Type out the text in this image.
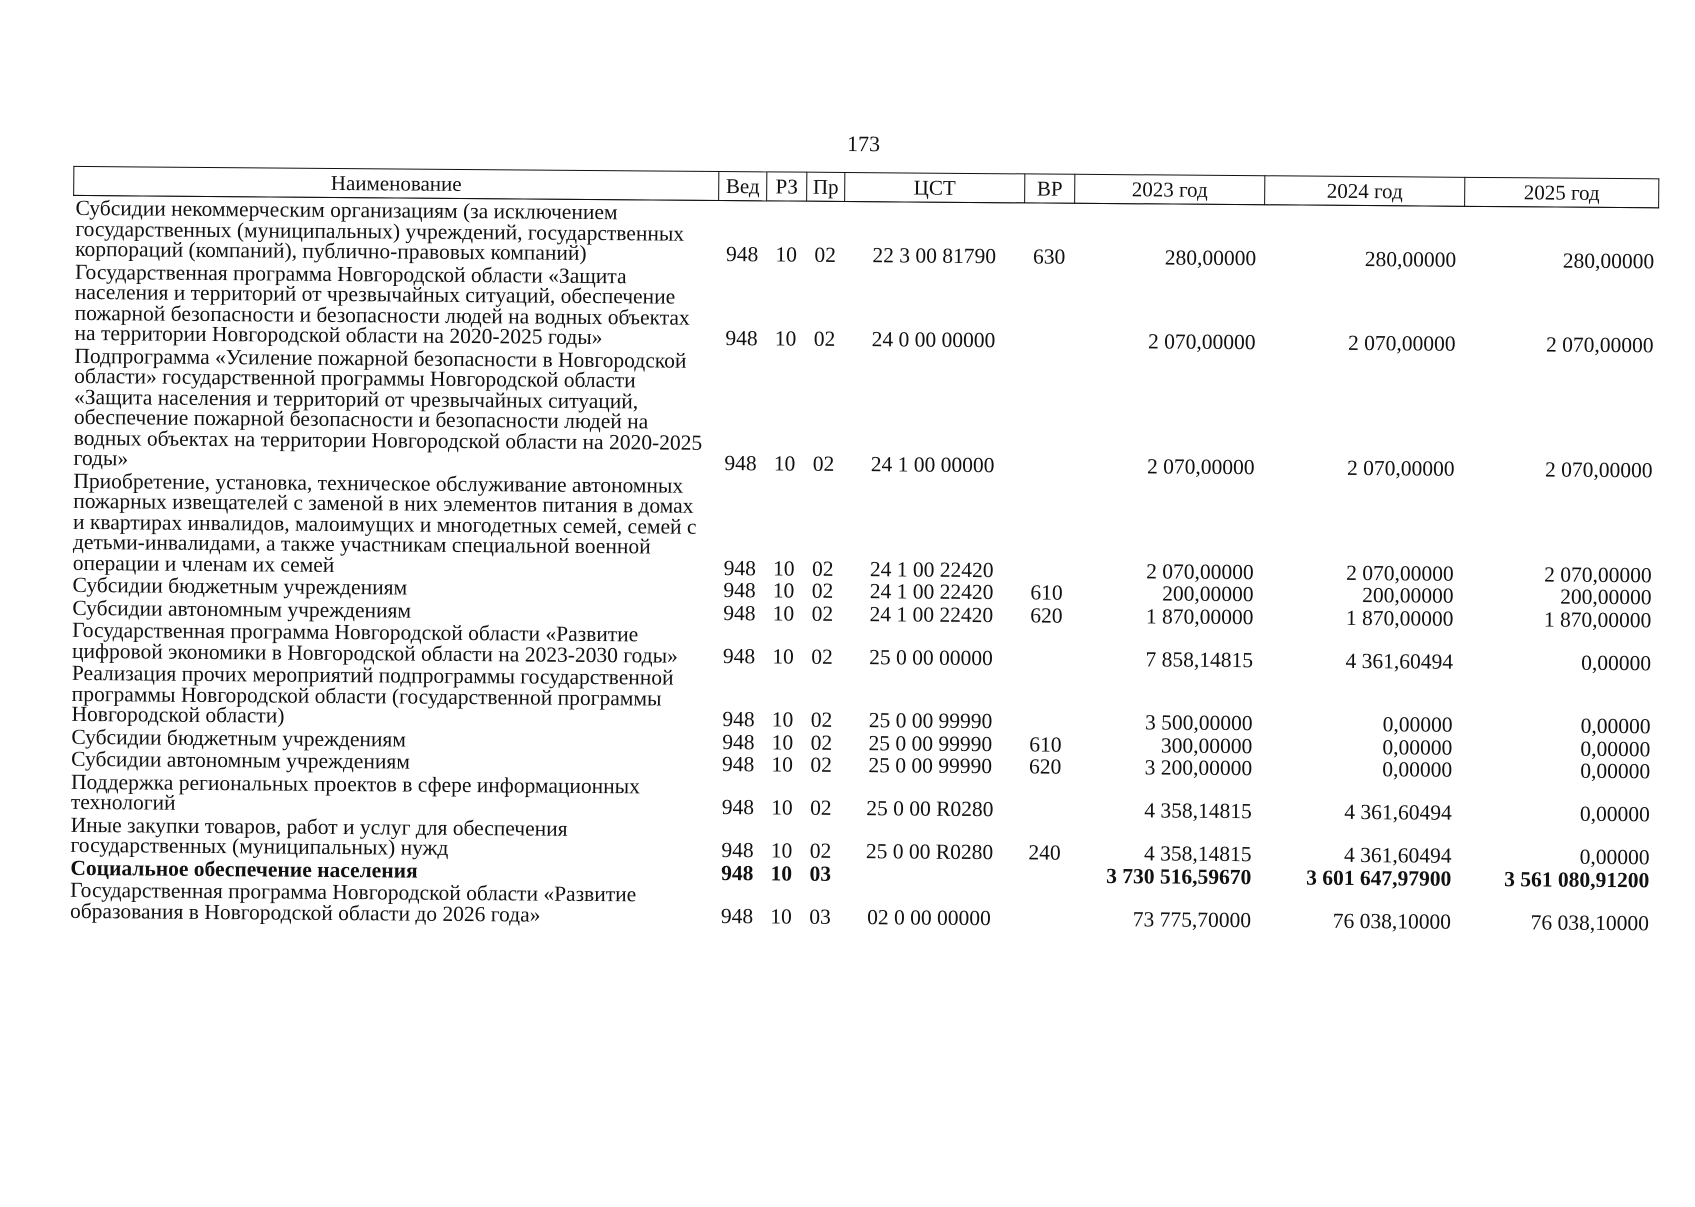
173
Наименование	Вед	РЗ	Пр	ЦСТ	ВР	2023 год	2024 год	2025 год
Субсидии некоммерческим организациям (за исключением государственных (муниципальных) учреждений, государственных корпораций (компаний), публично-правовых компаний)	948	10	02	22 3 00 81790	630	280,00000	280,00000	280,00000
Государственная программа Новгородской области «Защита населения и территорий от чрезвычайных ситуаций, обеспечение пожарной безопасности и безопасности людей на водных объектах на территории Новгородской области на 2020-2025 годы»	948	10	02	24 0 00 00000		2 070,00000	2 070,00000	2 070,00000
Подпрограмма «Усиление пожарной безопасности в Новгородской области» государственной программы Новгородской области «Защита населения и территорий от чрезвычайных ситуаций, обеспечение пожарной безопасности и безопасности людей на водных объектах на территории Новгородской области на 2020-2025 годы»	948	10	02	24 1 00 00000		2 070,00000	2 070,00000	2 070,00000
Приобретение, установка, техническое обслуживание автономных пожарных извещателей с заменой в них элементов питания в домах и квартирах инвалидов, малоимущих и многодетных семей, семей с детьми-инвалидами, а также участникам специальной военной операции и членам их семей	948	10	02	24 1 00 22420		2 070,00000	2 070,00000	2 070,00000
Субсидии бюджетным учреждениям	948	10	02	24 1 00 22420	610	200,00000	200,00000	200,00000
Субсидии автономным учреждениям	948	10	02	24 1 00 22420	620	1 870,00000	1 870,00000	1 870,00000
Государственная программа Новгородской области «Развитие цифровой экономики в Новгородской области на 2023-2030 годы»	948	10	02	25 0 00 00000		7 858,14815	4 361,60494	0,00000
Реализация прочих мероприятий подпрограммы государственной программы Новгородской области (государственной программы Новгородской области)	948	10	02	25 0 00 99990		3 500,00000	0,00000	0,00000
Субсидии бюджетным учреждениям	948	10	02	25 0 00 99990	610	300,00000	0,00000	0,00000
Субсидии автономным учреждениям	948	10	02	25 0 00 99990	620	3 200,00000	0,00000	0,00000
Поддержка региональных проектов в сфере информационных технологий	948	10	02	25 0 00 R0280		4 358,14815	4 361,60494	0,00000
Иные закупки товаров, работ и услуг для обеспечения государственных (муниципальных) нужд	948	10	02	25 0 00 R0280	240	4 358,14815	4 361,60494	0,00000
Социальное обеспечение населения	948	10	03			3 730 516,59670	3 601 647,97900	3 561 080,91200
Государственная программа Новгородской области «Развитие образования в Новгородской области до 2026 года»	948	10	03	02 0 00 00000		73 775,70000	76 038,10000	76 038,10000
